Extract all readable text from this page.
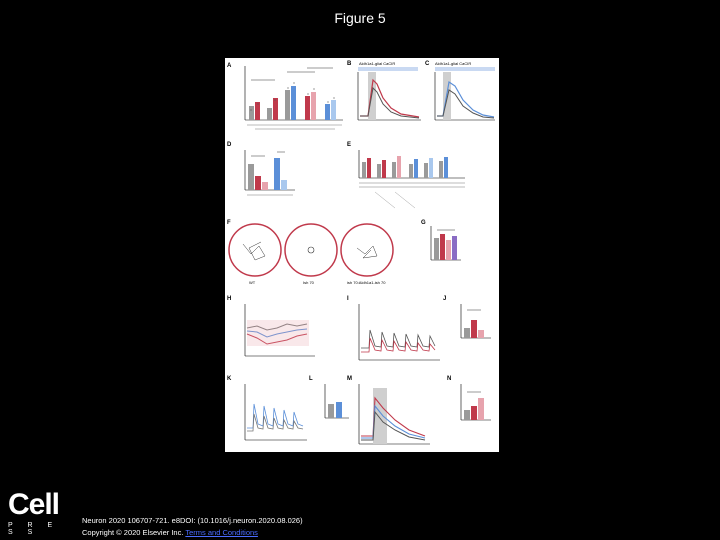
Figure 5
A	B Aldh1a1-glial CaCIR	C Aldh1a1-glial CaCIR
D	E
F
WT	Ish 70	ish 70:Aldh1a1-ish 70
G
H	I	J
K	L	M	N
Cell
P R E S S
Neuron 2020 106707-721. e8DOI: (10.1016/j.neuron.2020.08.026)
Copyright © 2020 Elsevier Inc. Terms and Conditions
